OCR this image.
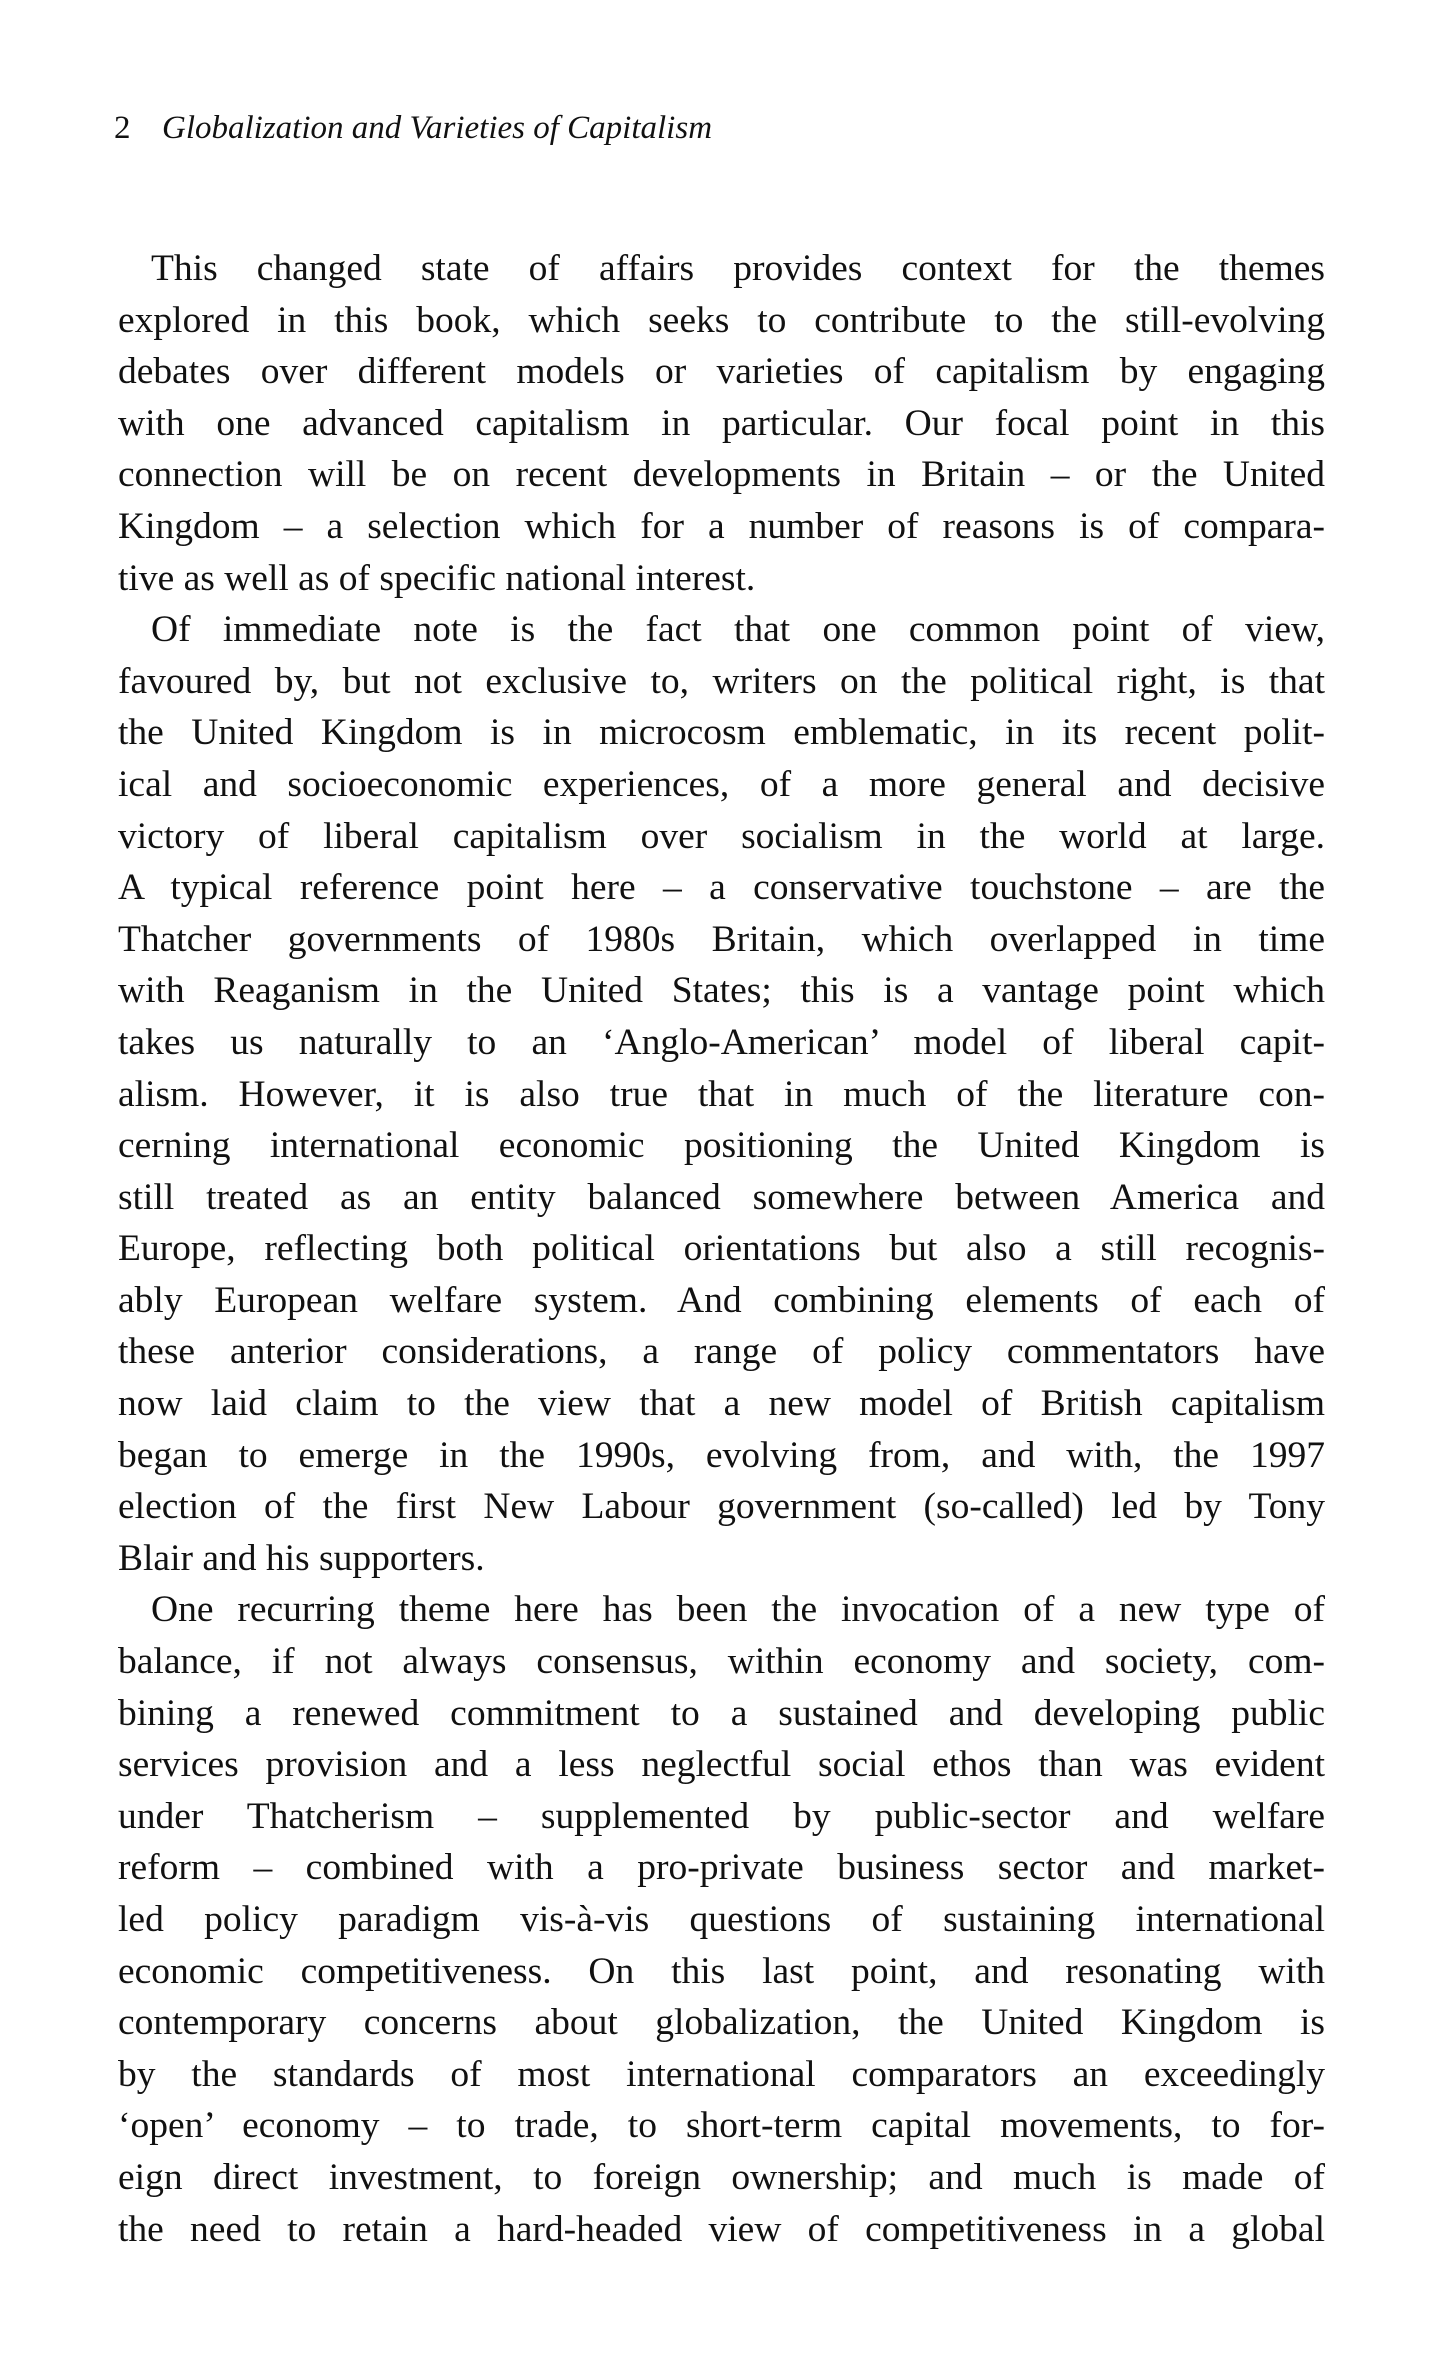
2 Globalization and Varieties of Capitalism
This changed state of affairs provides context for the themes
explored in this book, which seeks to contribute to the still-evolving
debates over different models or varieties of capitalism by engaging
with one advanced capitalism in particular. Our focal point in this
connection will be on recent developments in Britain – or the United
Kingdom – a selection which for a number of reasons is of compara-
tive as well as of specific national interest.
Of immediate note is the fact that one common point of view,
favoured by, but not exclusive to, writers on the political right, is that
the United Kingdom is in microcosm emblematic, in its recent polit-
ical and socioeconomic experiences, of a more general and decisive
victory of liberal capitalism over socialism in the world at large.
A typical reference point here – a conservative touchstone – are the
Thatcher governments of 1980s Britain, which overlapped in time
with Reaganism in the United States; this is a vantage point which
takes us naturally to an ‘Anglo-American’ model of liberal capit-
alism. However, it is also true that in much of the literature con-
cerning international economic positioning the United Kingdom is
still treated as an entity balanced somewhere between America and
Europe, reflecting both political orientations but also a still recognis-
ably European welfare system. And combining elements of each of
these anterior considerations, a range of policy commentators have
now laid claim to the view that a new model of British capitalism
began to emerge in the 1990s, evolving from, and with, the 1997
election of the first New Labour government (so-called) led by Tony
Blair and his supporters.
One recurring theme here has been the invocation of a new type of
balance, if not always consensus, within economy and society, com-
bining a renewed commitment to a sustained and developing public
services provision and a less neglectful social ethos than was evident
under Thatcherism – supplemented by public-sector and welfare
reform – combined with a pro-private business sector and market-
led policy paradigm vis-à-vis questions of sustaining international
economic competitiveness. On this last point, and resonating with
contemporary concerns about globalization, the United Kingdom is
by the standards of most international comparators an exceedingly
‘open’ economy – to trade, to short-term capital movements, to for-
eign direct investment, to foreign ownership; and much is made of
the need to retain a hard-headed view of competitiveness in a global
